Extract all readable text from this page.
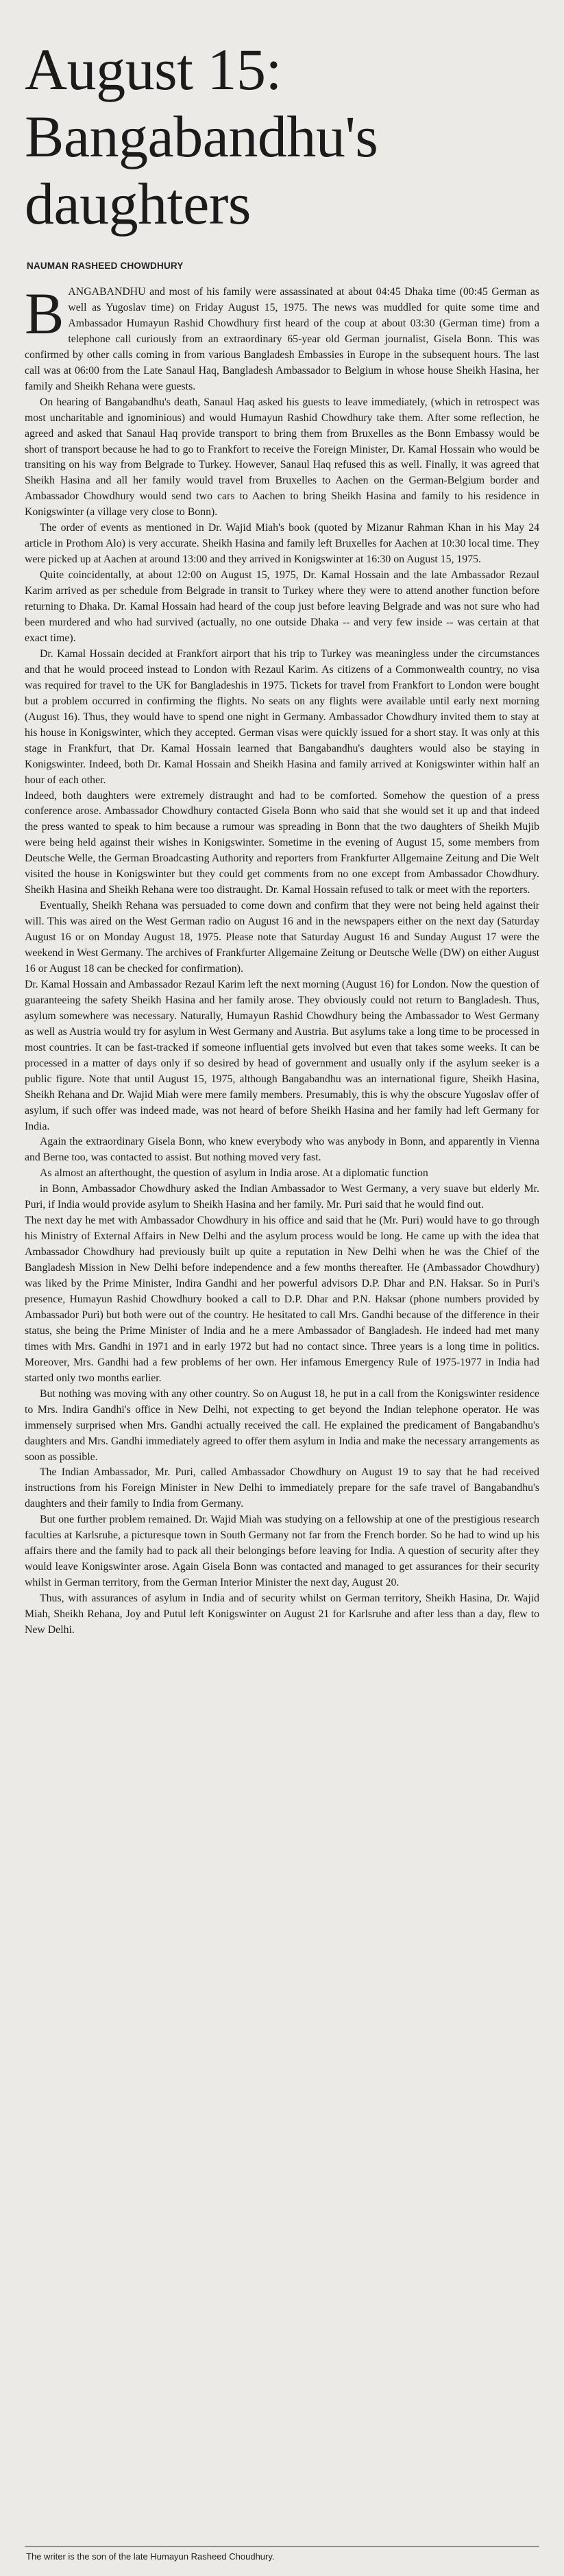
August 15: Bangabandhu's daughters
NAUMAN RASHEED CHOWDHURY

BANGABANDHU and most of his family were assassinated at about 04:45 Dhaka time (00:45 German as well as Yugoslav time) on Friday August 15, 1975. The news was muddled for quite some time and Ambassador Humayun Rashid Chowdhury first heard of the coup at about 03:30 (German time) from a telephone call curiously from an extraordinary 65-year old German journalist, Gisela Bonn. This was confirmed by other calls coming in from various Bangladesh Embassies in Europe in the subsequent hours. The last call was at 06:00 from the Late Sanaul Haq, Bangladesh Ambassador to Belgium in whose house Sheikh Hasina, her family and Sheikh Rehana were guests.

On hearing of Bangabandhu's death, Sanaul Haq asked his guests to leave immediately, (which in retrospect was most uncharitable and ignominious) and would Humayun Rashid Chowdhury take them. After some reflection, he agreed and asked that Sanaul Haq provide transport to bring them from Bruxelles as the Bonn Embassy would be short of transport because he had to go to Frankfort to receive the Foreign Minister, Dr. Kamal Hossain who would be transiting on his way from Belgrade to Turkey. However, Sanaul Haq refused this as well. Finally, it was agreed that Sheikh Hasina and all her family would travel from Bruxelles to Aachen on the German-Belgium border and Ambassador Chowdhury would send two cars to Aachen to bring Sheikh Hasina and family to his residence in Konigswinter (a village very close to Bonn).

The order of events as mentioned in Dr. Wajid Miah's book (quoted by Mizanur Rahman Khan in his May 24 article in Prothom Alo) is very accurate. Sheikh Hasina and family left Bruxelles for Aachen at 10:30 local time. They were picked up at Aachen at around 13:00 and they arrived in Konigswinter at 16:30 on August 15, 1975.

Quite coincidentally, at about 12:00 on August 15, 1975, Dr. Kamal Hossain and the late Ambassador Rezaul Karim arrived as per schedule from Belgrade in transit to Turkey where they were to attend another function before returning to Dhaka. Dr. Kamal Hossain had heard of the coup just before leaving Belgrade and was not sure who had been murdered and who had survived (actually, no one outside Dhaka -- and very few inside -- was certain at that exact time).

Dr. Kamal Hossain decided at Frankfort airport that his trip to Turkey was meaningless under the circumstances and that he would proceed instead to London with Rezaul Karim. As citizens of a Commonwealth country, no visa was required for travel to the UK for Bangladeshis in 1975. Tickets for travel from Frankfort to London were bought but a problem occurred in confirming the flights. No seats on any flights were available until early next morning (August 16). Thus, they would have to spend one night in Germany. Ambassador Chowdhury invited them to stay at his house in Konigswinter, which they accepted. German visas were quickly issued for a short stay. It was only at this stage in Frankfurt, that Dr. Kamal Hossain learned that Bangabandhu's daughters would also be staying in Konigswinter. Indeed, both Dr. Kamal Hossain and Sheikh Hasina and family arrived at Konigswinter within half an hour of each other.

Indeed, both daughters were extremely distraught and had to be comforted. Somehow the question of a press conference arose. Ambassador Chowdhury contacted Gisela Bonn who said that she would set it up and that indeed the press wanted to speak to him because a rumour was spreading in Bonn that the two daughters of Sheikh Mujib were being held against their wishes in Konigswinter. Sometime in the evening of August 15, some members from Deutsche Welle, the German Broadcasting Authority and reporters from Frankfurter Allgemaine Zeitung and Die Welt visited the house in Konigswinter but they could get comments from no one except from Ambassador Chowdhury. Sheikh Hasina and Sheikh Rehana were too distraught. Dr. Kamal Hossain refused to talk or meet with the reporters.

Eventually, Sheikh Rehana was persuaded to come down and confirm that they were not being held against their will. This was aired on the West German radio on August 16 and in the newspapers either on the next day (Saturday August 16 or on Monday August 18, 1975. Please note that Saturday August 16 and Sunday August 17 were the weekend in West Germany. The archives of Frankfurter Allgemaine Zeitung or Deutsche Welle (DW) on either August 16 or August 18 can be checked for confirmation).

Dr. Kamal Hossain and Ambassador Rezaul Karim left the next morning (August 16) for London. Now the question of guaranteeing the safety Sheikh Hasina and her family arose. They obviously could not return to Bangladesh. Thus, asylum somewhere was necessary. Naturally, Humayun Rashid Chowdhury being the Ambassador to West Germany as well as Austria would try for asylum in West Germany and Austria. But asylums take a long time to be processed in most countries. It can be fast-tracked if someone influential gets involved but even that takes some weeks. It can be processed in a matter of days only if so desired by head of government and usually only if the asylum seeker is a public figure. Note that until August 15, 1975, although Bangabandhu was an international figure, Sheikh Hasina, Sheikh Rehana and Dr. Wajid Miah were mere family members. Presumably, this is why the obscure Yugoslav offer of asylum, if such offer was indeed made, was not heard of before Sheikh Hasina and her family had left Germany for India.

Again the extraordinary Gisela Bonn, who knew everybody who was anybody in Bonn, and apparently in Vienna and Berne too, was contacted to assist. But nothing moved very fast.

As almost an afterthought, the question of asylum in India arose. At a diplomatic function

in Bonn, Ambassador Chowdhury asked the Indian Ambassador to West Germany, a very suave but elderly Mr. Puri, if India would provide asylum to Sheikh Hasina and her family. Mr. Puri said that he would find out.

The next day he met with Ambassador Chowdhury in his office and said that he (Mr. Puri) would have to go through his Ministry of External Affairs in New Delhi and the asylum process would be long. He came up with the idea that Ambassador Chowdhury had previously built up quite a reputation in New Delhi when he was the Chief of the Bangladesh Mission in New Delhi before independence and a few months thereafter. He (Ambassador Chowdhury) was liked by the Prime Minister, Indira Gandhi and her powerful advisors D.P. Dhar and P.N. Haksar. So in Puri's presence, Humayun Rashid Chowdhury booked a call to D.P. Dhar and P.N. Haksar (phone numbers provided by Ambassador Puri) but both were out of the country. He hesitated to call Mrs. Gandhi because of the difference in their status, she being the Prime Minister of India and he a mere Ambassador of Bangladesh. He indeed had met many times with Mrs. Gandhi in 1971 and in early 1972 but had no contact since. Three years is a long time in politics. Moreover, Mrs. Gandhi had a few problems of her own. Her infamous Emergency Rule of 1975-1977 in India had started only two months earlier.

But nothing was moving with any other country. So on August 18, he put in a call from the Konigswinter residence to Mrs. Indira Gandhi's office in New Delhi, not expecting to get beyond the Indian telephone operator. He was immensely surprised when Mrs. Gandhi actually received the call. He explained the predicament of Bangabandhu's daughters and Mrs. Gandhi immediately agreed to offer them asylum in India and make the necessary arrangements as soon as possible.

The Indian Ambassador, Mr. Puri, called Ambassador Chowdhury on August 19 to say that he had received instructions from his Foreign Minister in New Delhi to immediately prepare for the safe travel of Bangabandhu's daughters and their family to India from Germany.

But one further problem remained. Dr. Wajid Miah was studying on a fellowship at one of the prestigious research faculties at Karlsruhe, a picturesque town in South Germany not far from the French border. So he had to wind up his affairs there and the family had to pack all their belongings before leaving for India. A question of security after they would leave Konigswinter arose. Again Gisela Bonn was contacted and managed to get assurances for their security whilst in German territory, from the German Interior Minister the next day, August 20.

Thus, with assurances of asylum in India and of security whilst on German territory, Sheikh Hasina, Dr. Wajid Miah, Sheikh Rehana, Joy and Putul left Konigswinter on August 21 for Karlsruhe and after less than a day, flew to New Delhi.

The writer is the son of the late Humayun Rasheed Choudhury.
